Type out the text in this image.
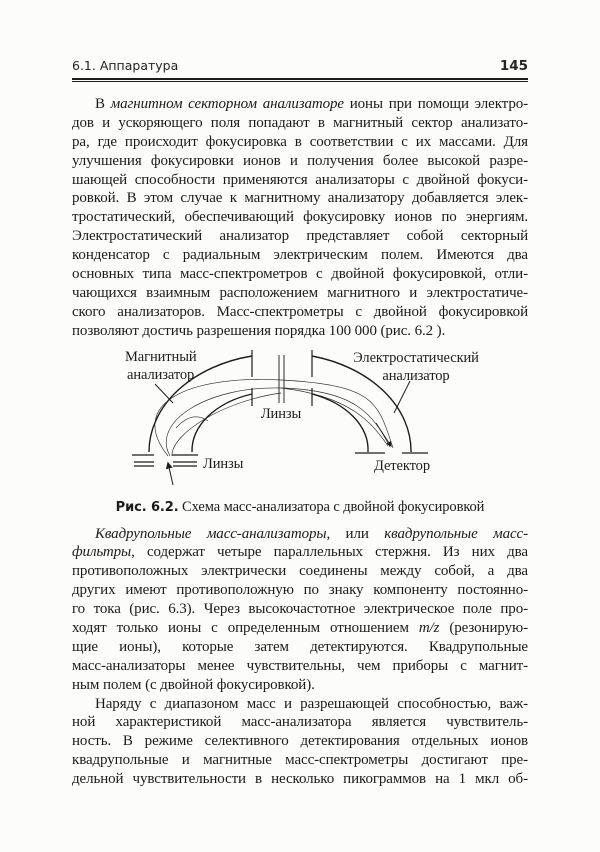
6.1. Аппаратура	145
В магнитном секторном анализаторе ионы при помощи электро-
дов и ускоряющего поля попадают в магнитный сектор анализато-
ра, где происходит фокусировка в соответствии с их массами. Для
улучшения фокусировки ионов и получения более высокой разре-
шающей способности применяются анализаторы с двойной фокуси-
ровкой. В этом случае к магнитному анализатору добавляется элек-
тростатический, обеспечивающий фокусировку ионов по энергиям.
Электростатический анализатор представляет собой секторный
конденсатор с радиальным электрическим полем. Имеются два
основных типа масс-спектрометров с двойной фокусировкой, отли-
чающихся взаимным расположением магнитного и электростатиче-
ского анализаторов. Масс-спектрометры с двойной фокусировкой
позволяют достичь разрешения порядка 100 000 (рис. 6.2 ).
Магнитный
анализатор
Электростатический
анализатор
Линзы
Линзы	Детектор
Рис. 6.2. Схема масс-анализатора с двойной фокусировкой
Квадрупольные масс-анализаторы, или квадрупольные масс-
фильтры, содержат четыре параллельных стержня. Из них два
противоположных электрически соединены между собой, а два
других имеют противоположную по знаку компоненту постоянно-
го тока (рис. 6.3). Через высокочастотное электрическое поле про-
ходят только ионы с определенным отношением m/z (резонирую-
щие ионы), которые затем детектируются. Квадрупольные
масс-анализаторы менее чувствительны, чем приборы с магнит-
ным полем (с двойной фокусировкой).
Наряду с диапазоном масс и разрешающей способностью, важ-
ной характеристикой масс-анализатора является чувствитель-
ность. В режиме селективного детектирования отдельных ионов
квадрупольные и магнитные масс-спектрометры достигают пре-
дельной чувствительности в несколько пикограммов на 1 мкл об-
